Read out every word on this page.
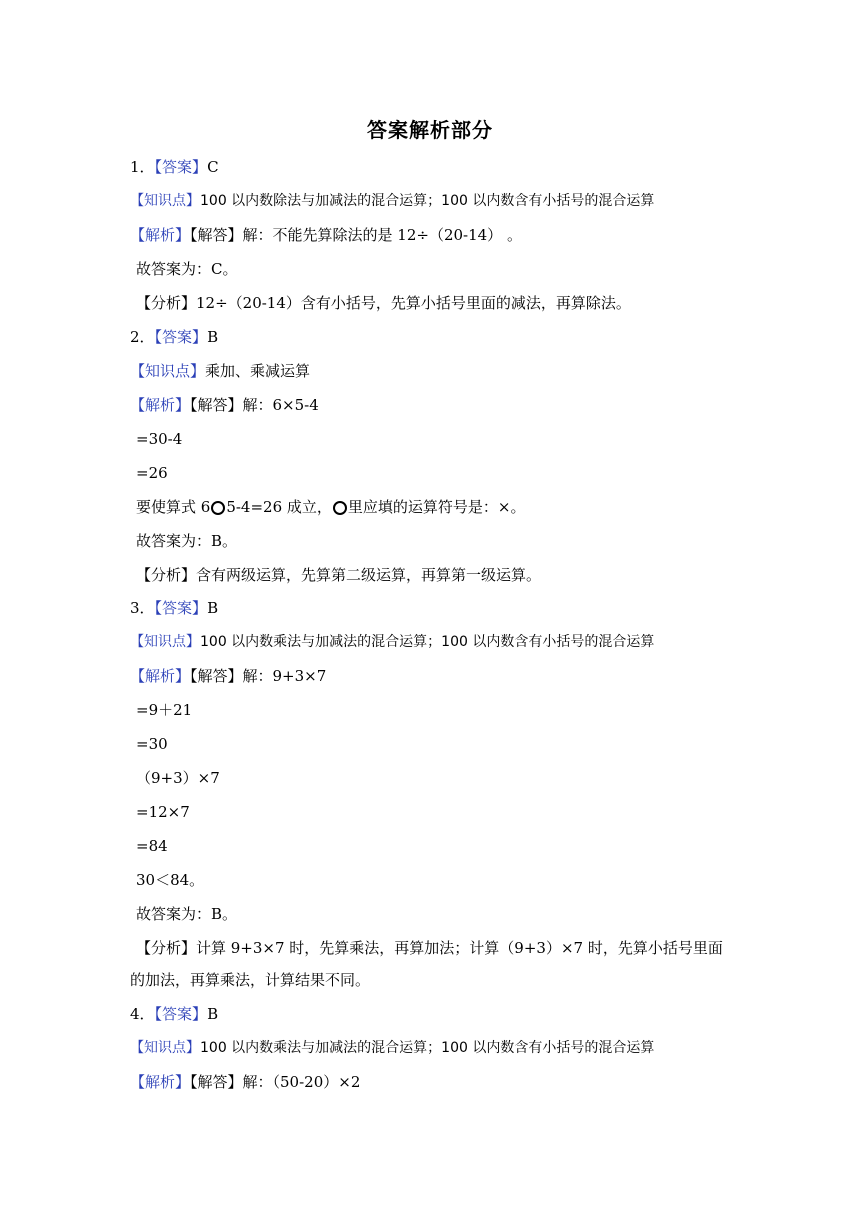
答案解析部分
1．【答案】C
【知识点】100 以内数除法与加减法的混合运算；100 以内数含有小括号的混合运算
【解析】【解答】解：不能先算除法的是 12÷（20-14） 。
故答案为：C。
【分析】12÷（20-14）含有小括号，先算小括号里面的减法，再算除法。
2．【答案】B
【知识点】乘加、乘减运算
【解析】【解答】解：6×5-4
=30-4
=26
要使算式 6 5-4=26 成立， 里应填的运算符号是：×。
故答案为：B。
【分析】含有两级运算，先算第二级运算，再算第一级运算。
3．【答案】B
【知识点】100 以内数乘法与加减法的混合运算；100 以内数含有小括号的混合运算
【解析】【解答】解：9+3×7
=9＋21
=30
（9+3）×7
=12×7
=84
30＜84。
故答案为：B。
【分析】计算 9+3×7 时，先算乘法，再算加法；计算（9+3）×7 时，先算小括号里面
的加法，再算乘法，计算结果不同。
4．【答案】B
【知识点】100 以内数乘法与加减法的混合运算；100 以内数含有小括号的混合运算
【解析】【解答】解：（50-20）×2
